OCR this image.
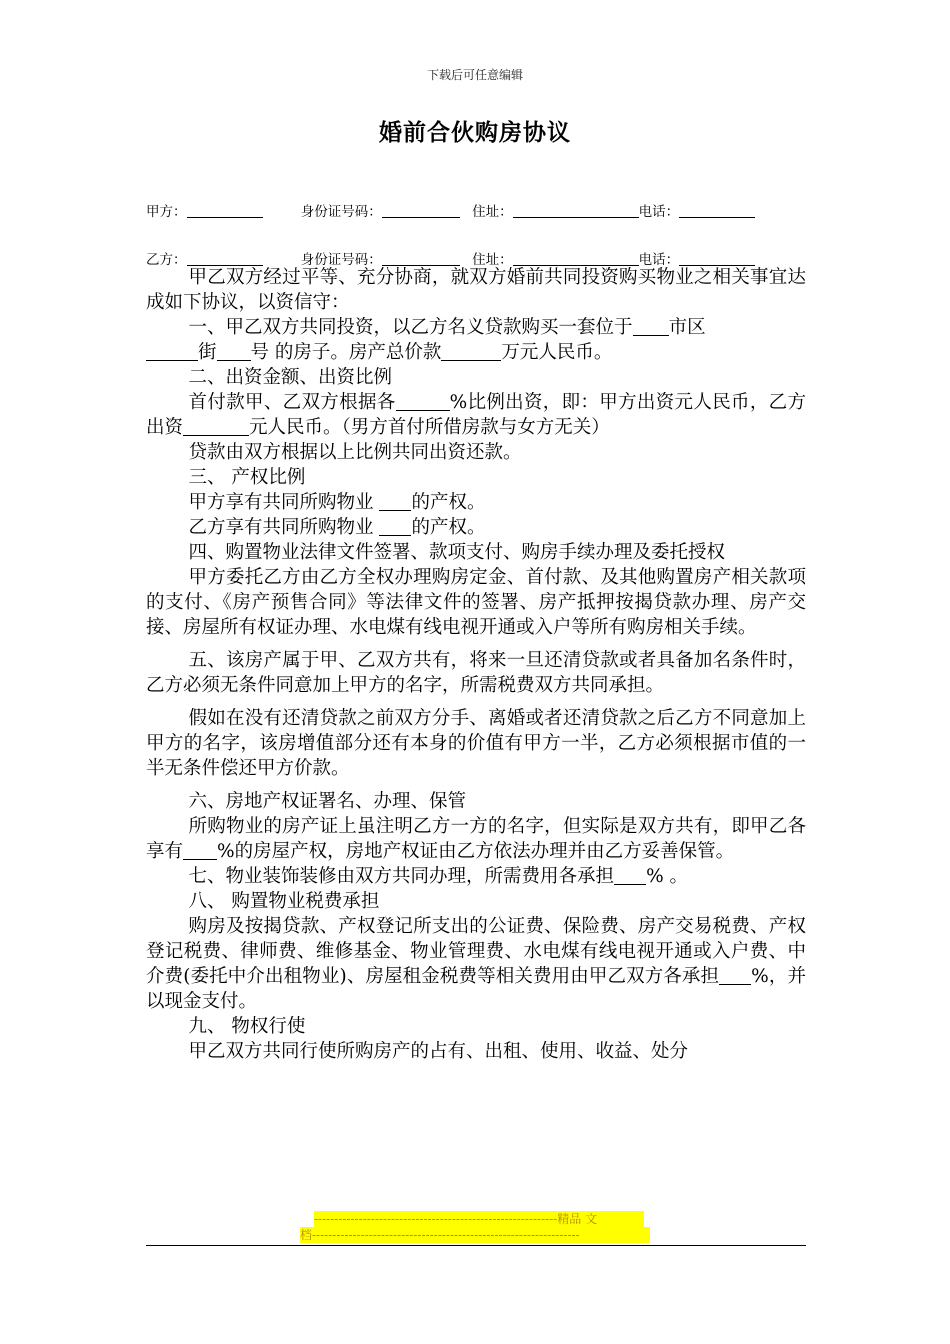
下载后可任意编辑
婚前合伙购房协议
甲方：	身份证号码：	住址：	电话：
乙方：	身份证号码：	住址：	电话：

甲乙双方经过平等、充分协商，就双方婚前共同投资购买物业之相关事宜达成如下协议，以资信守：

一、甲乙双方共同投资，以乙方名义贷款购买一套位于 市区

街 号 的房子。房产总价款	万元人民币。

二、出资金额、出资比例

首付款甲、乙双方根据各	%比例出资，即：甲方出资元人民币，乙方出资	元人民币。（男方首付所借房款与女方无关）

贷款由双方根据以上比例共同出资还款。

三、 产权比例

甲方享有共同所购物业 的产权。

乙方享有共同所购物业 的产权。

四、购置物业法律文件签署、款项支付、购房手续办理及委托授权

甲方委托乙方由乙方全权办理购房定金、首付款、及其他购置房产相关款项的支付、《房产预售合同》等法律文件的签署、房产抵押按揭贷款办理、房产交接、房屋所有权证办理、水电煤有线电视开通或入户等所有购房相关手续。

五、该房产属于甲、乙双方共有，将来一旦还清贷款或者具备加名条件时，乙方必须无条件同意加上甲方的名字，所需税费双方共同承担。

假如在没有还清贷款之前双方分手、离婚或者还清贷款之后乙方不同意加上甲方的名字，该房增值部分还有本身的价值有甲方一半，乙方必须根据市值的一半无条件偿还甲方价款。

六、房地产权证署名、办理、保管

所购物业的房产证上虽注明乙方一方的名字，但实际是双方共有，即甲乙各享有 %的房屋产权，房地产权证由乙方依法办理并由乙方妥善保管。

七、物业装饰装修由双方共同办理，所需费用各承担 % 。

八、 购置物业税费承担

购房及按揭贷款、产权登记所支出的公证费、保险费、房产交易税费、产权登记税费、律师费、维修基金、物业管理费、水电煤有线电视开通或入户费、中介费(委托中介出租物业)、房屋租金税费等相关费用由甲乙双方各承担 %，并以现金支付。

九、 物权行使

甲乙双方共同行使所购房产的占有、出租、使用、收益、处分

------------------------------------------------------------精品 文
档------------------------------------------------------------------
